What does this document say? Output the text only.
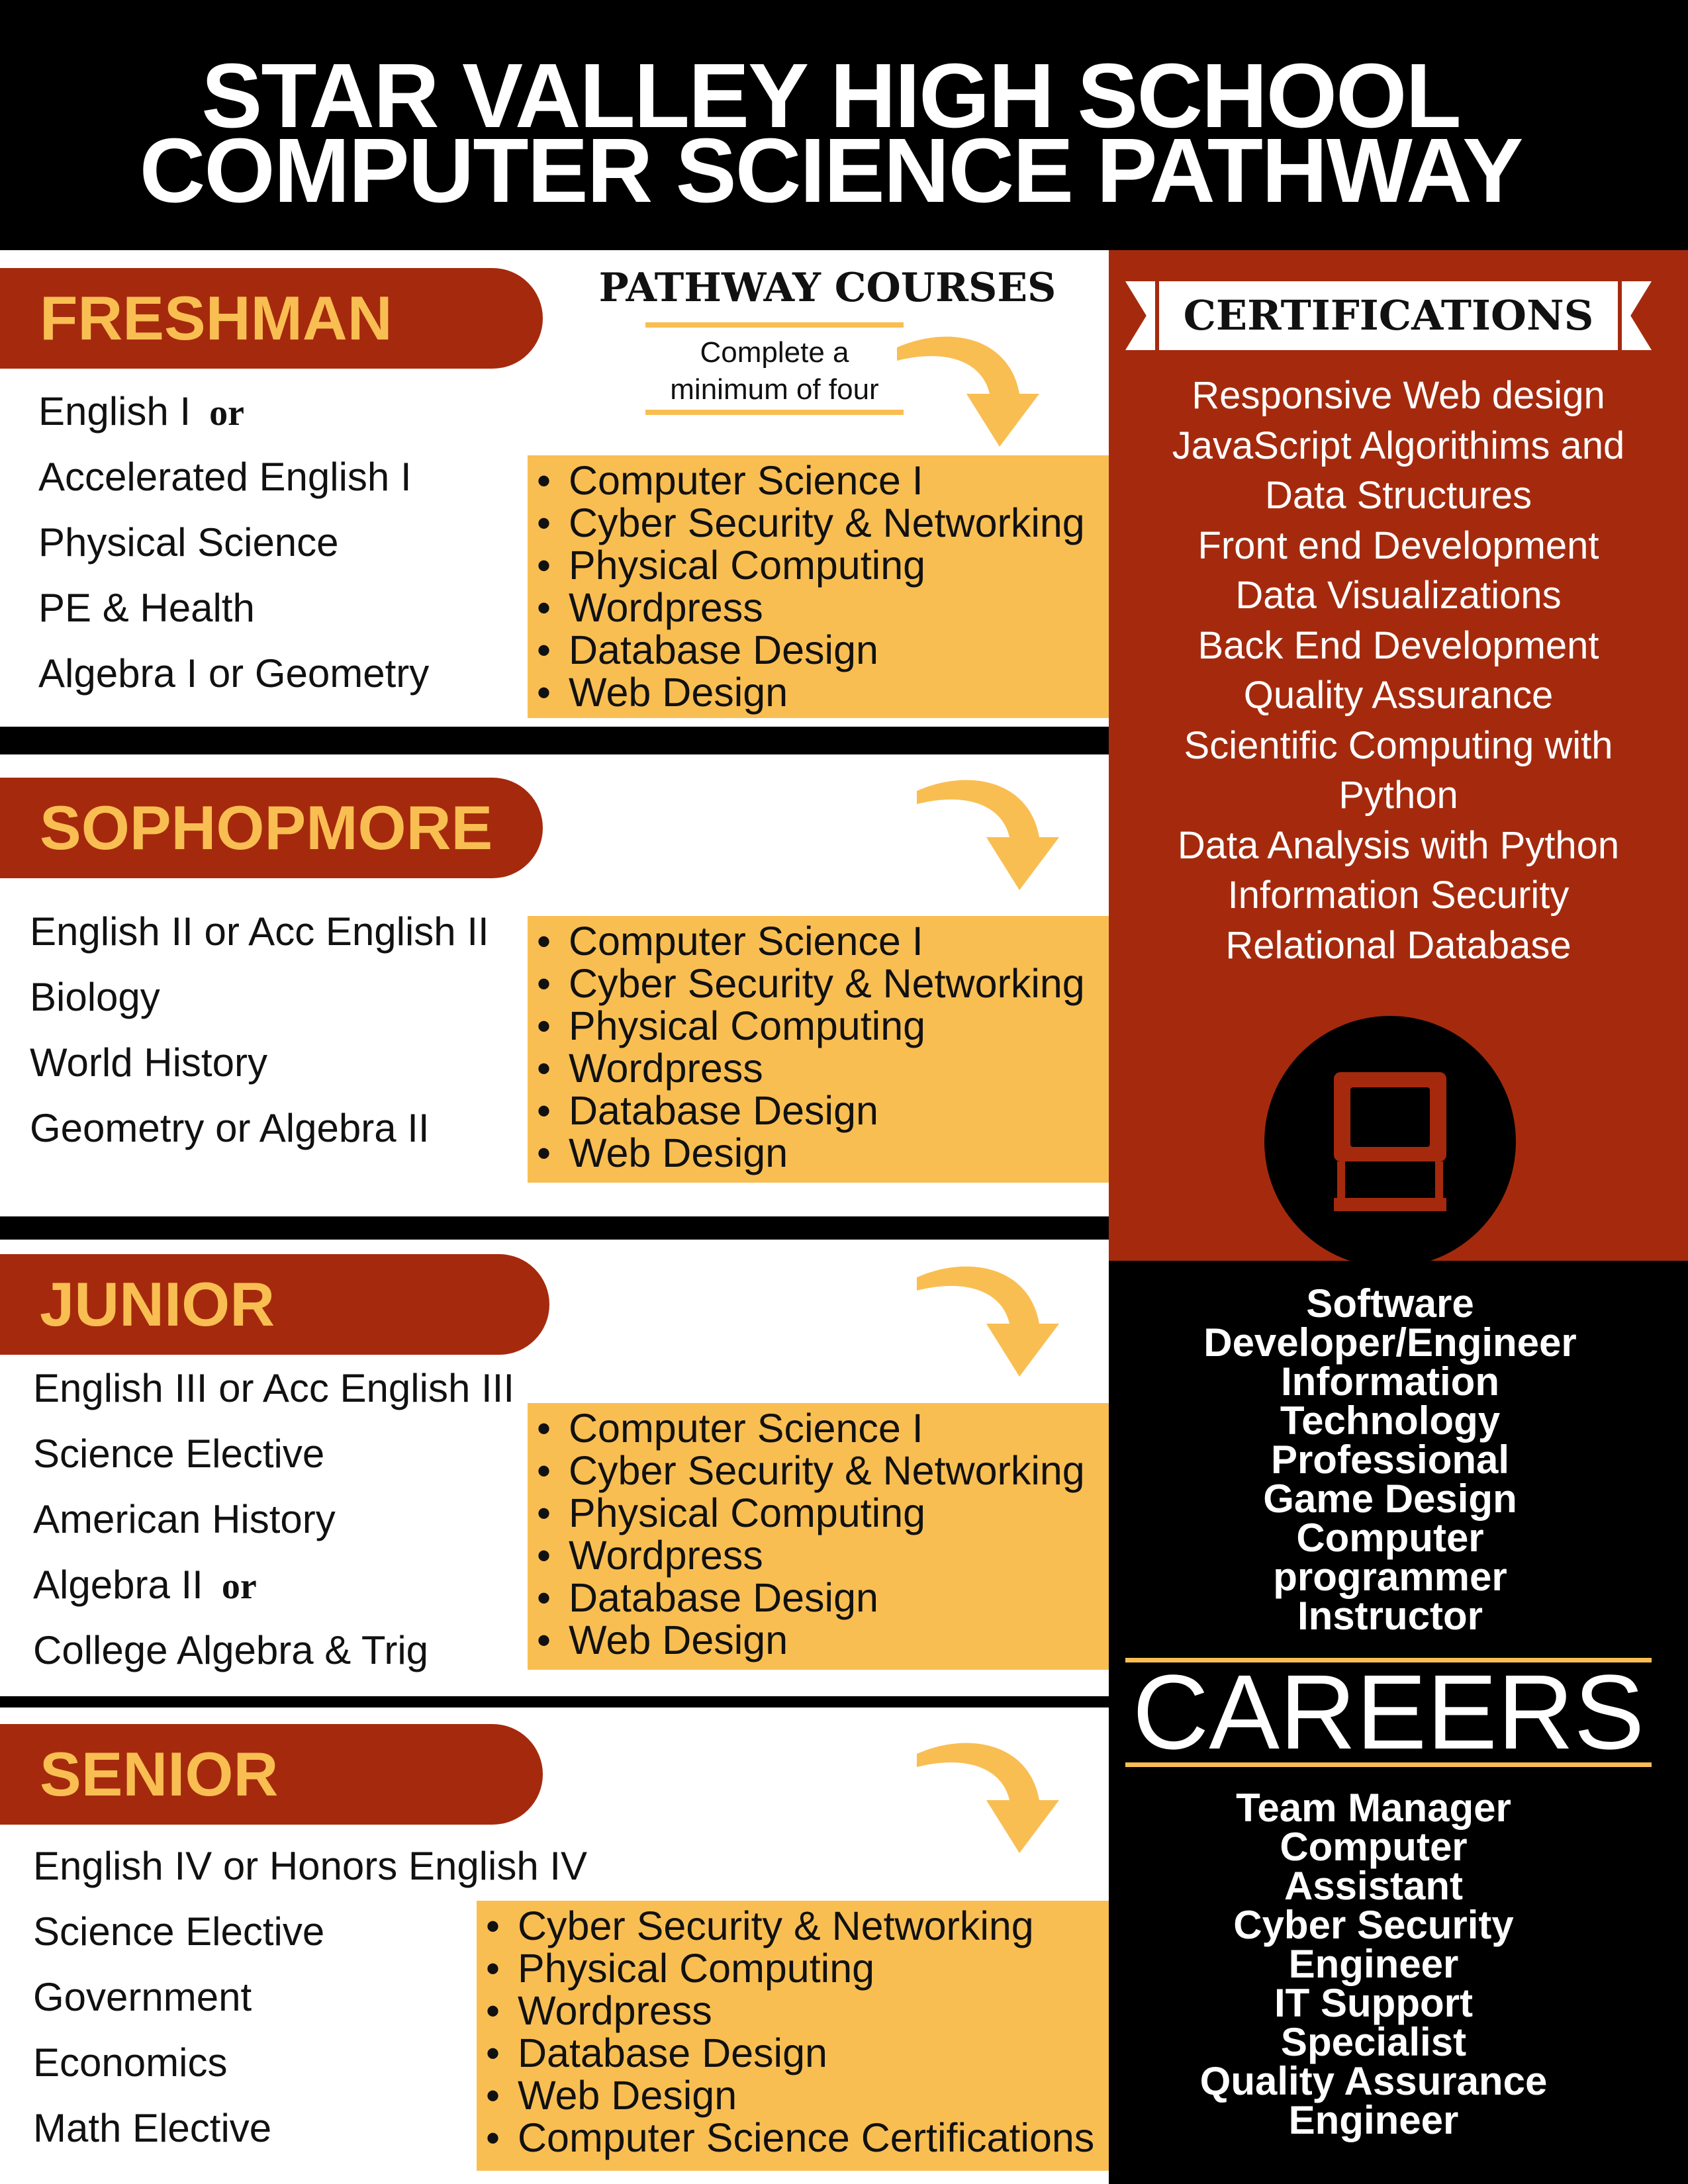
STAR VALLEY HIGH SCHOOL
COMPUTER SCIENCE PATHWAY
CERTIFICATIONS
Responsive Web design
JavaScript Algorithims and
Data Structures
Front end Development
Data Visualizations
Back End Development
Quality Assurance
Scientific Computing with
Python
Data Analysis with Python
Information Security
Relational Database
Software
Developer/Engineer
Information
Technology
Professional
Game Design
Computer
programmer
Instructor
CAREERS
Team Manager
Computer
Assistant
Cyber Security
Engineer
IT Support
Specialist
Quality Assurance
Engineer
PATHWAY COURSES
Complete a
minimum of four
FRESHMAN
English I or
Accelerated English I
Physical Science
PE & Health
Algebra I or Geometry
• Computer Science I
• Cyber Security & Networking
• Physical Computing
• Wordpress
• Database Design
• Web Design
SOPHOPMORE
English II or Acc English II
Biology
World History
Geometry or Algebra II
• Computer Science I
• Cyber Security & Networking
• Physical Computing
• Wordpress
• Database Design
• Web Design
JUNIOR
English III or Acc English III
Science Elective
American History
Algebra II or
College Algebra & Trig
• Computer Science I
• Cyber Security & Networking
• Physical Computing
• Wordpress
• Database Design
• Web Design
SENIOR
English IV or Honors English IV
Science Elective
Government
Economics
Math Elective
• Cyber Security & Networking
• Physical Computing
• Wordpress
• Database Design
• Web Design
• Computer Science Certifications
